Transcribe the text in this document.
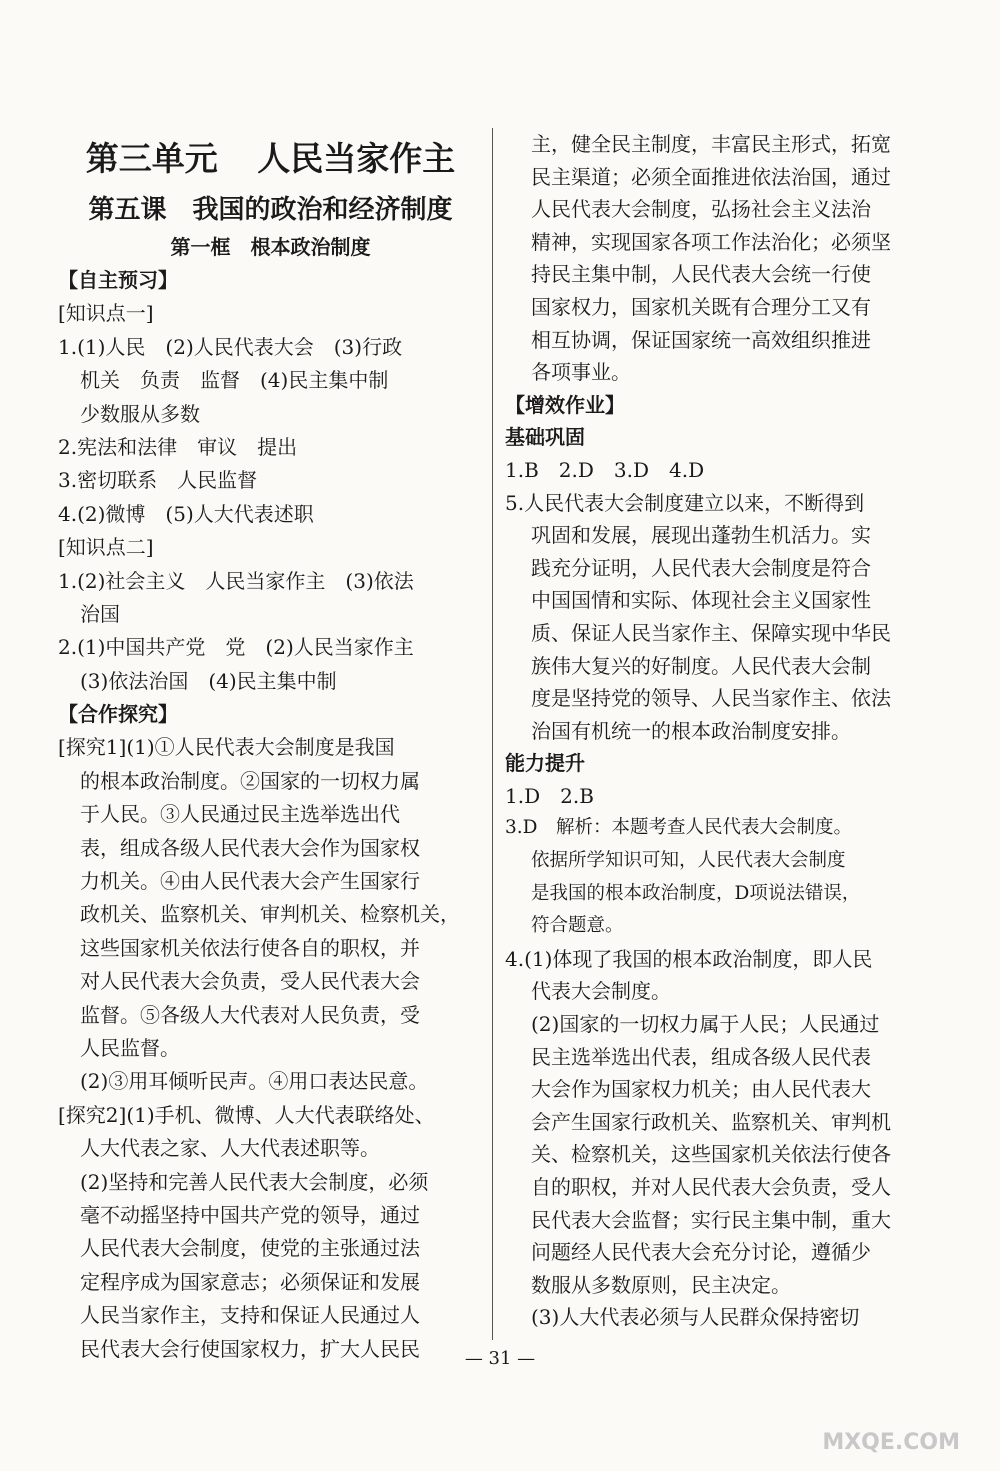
第三单元 人民当家作主
第五课　我国的政治和经济制度
第一框　根本政治制度
【自主预习】
[知识点一]
1.(1)人民　(2)人民代表大会　(3)行政
机关　负责　监督　(4)民主集中制
少数服从多数
2.宪法和法律　审议　提出
3.密切联系　人民监督
4.(2)微博　(5)人大代表述职
[知识点二]
1.(2)社会主义　人民当家作主　(3)依法
治国
2.(1)中国共产党　党　(2)人民当家作主
(3)依法治国　(4)民主集中制
【合作探究】
[探究1](1)①人民代表大会制度是我国
的根本政治制度。②国家的一切权力属
于人民。③人民通过民主选举选出代
表，组成各级人民代表大会作为国家权
力机关。④由人民代表大会产生国家行
政机关、监察机关、审判机关、检察机关，
这些国家机关依法行使各自的职权，并
对人民代表大会负责，受人民代表大会
监督。⑤各级人大代表对人民负责，受
人民监督。
(2)③用耳倾听民声。④用口表达民意。
[探究2](1)手机、微博、人大代表联络处、
人大代表之家、人大代表述职等。
(2)坚持和完善人民代表大会制度，必须
毫不动摇坚持中国共产党的领导，通过
人民代表大会制度，使党的主张通过法
定程序成为国家意志；必须保证和发展
人民当家作主，支持和保证人民通过人
民代表大会行使国家权力，扩大人民民
主，健全民主制度，丰富民主形式，拓宽
民主渠道；必须全面推进依法治国，通过
人民代表大会制度，弘扬社会主义法治
精神，实现国家各项工作法治化；必须坚
持民主集中制，人民代表大会统一行使
国家权力，国家机关既有合理分工又有
相互协调，保证国家统一高效组织推进
各项事业。
【增效作业】
基础巩固
1.B　2.D　3.D　4.D
5.人民代表大会制度建立以来，不断得到
巩固和发展，展现出蓬勃生机活力。实
践充分证明，人民代表大会制度是符合
中国国情和实际、体现社会主义国家性
质、保证人民当家作主、保障实现中华民
族伟大复兴的好制度。人民代表大会制
度是坚持党的领导、人民当家作主、依法
治国有机统一的根本政治制度安排。
能力提升
1.D　2.B
3.D　解析：本题考查人民代表大会制度。
依据所学知识可知，人民代表大会制度
是我国的根本政治制度，D项说法错误，
符合题意。
4.(1)体现了我国的根本政治制度，即人民
代表大会制度。
(2)国家的一切权力属于人民；人民通过
民主选举选出代表，组成各级人民代表
大会作为国家权力机关；由人民代表大
会产生国家行政机关、监察机关、审判机
关、检察机关，这些国家机关依法行使各
自的职权，并对人民代表大会负责，受人
民代表大会监督；实行民主集中制，重大
问题经人民代表大会充分讨论，遵循少
数服从多数原则，民主决定。
(3)人大代表必须与人民群众保持密切
— 31 —
MXQE.COM
